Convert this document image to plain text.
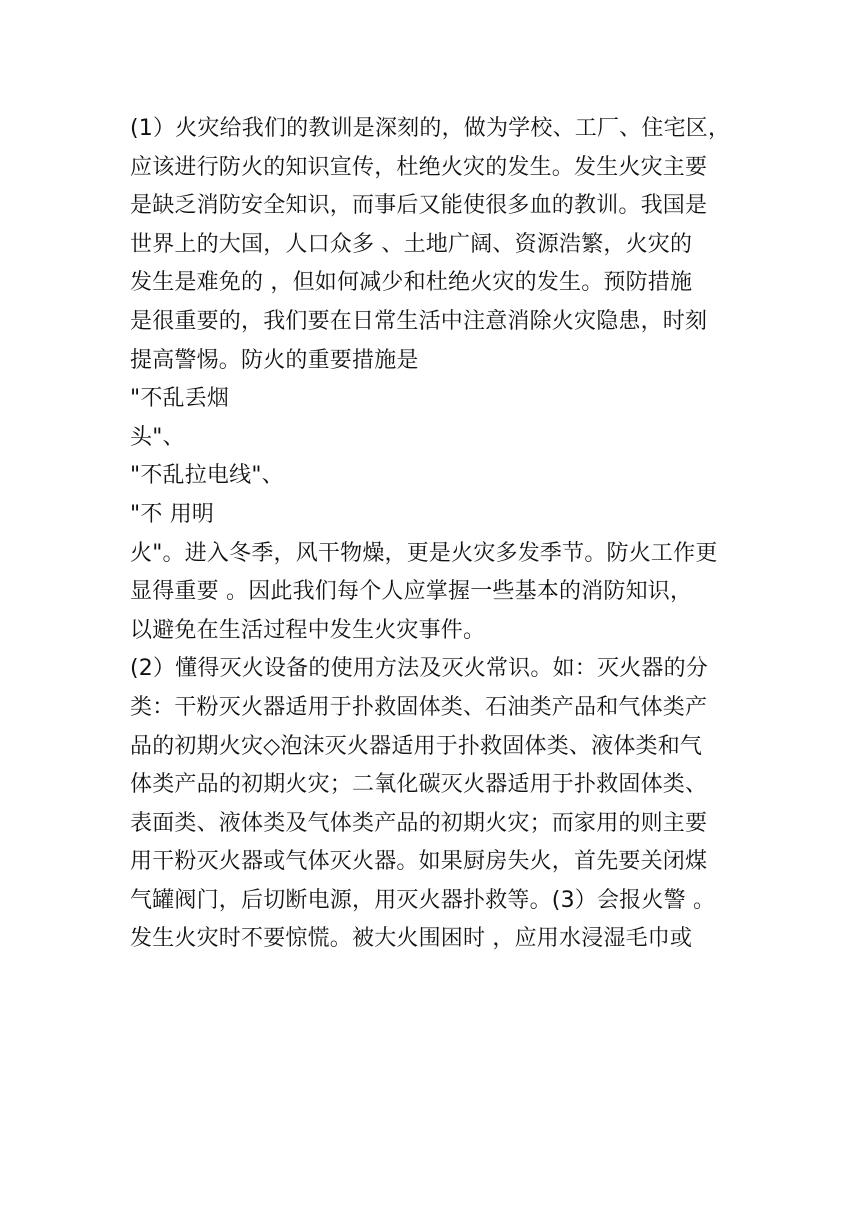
(1）火灾给我们的教训是深刻的，做为学校、工厂、住宅区，
应该进行防火的知识宣传，杜绝火灾的发生。发生火灾主要
是缺乏消防安全知识，而事后又能使很多血的教训。我国是
世界上的大国，人口众多 、土地广阔、资源浩繁，火灾的
发生是难免的 ，但如何减少和杜绝火灾的发生。预防措施
是很重要的，我们要在日常生活中注意消除火灾隐患，时刻
提高警惕。防火的重要措施是
"不乱丢烟
头"、
"不乱拉电线"、
"不 用明
火"。进入冬季，风干物燥，更是火灾多发季节。防火工作更
显得重要 。因此我们每个人应掌握一些基本的消防知识，
以避免在生活过程中发生火灾事件。
(2）懂得灭火设备的使用方法及灭火常识。如：灭火器的分
类：干粉灭火器适用于扑救固体类、石油类产品和气体类产
品的初期火灾◇泡沫灭火器适用于扑救固体类、液体类和气
体类产品的初期火灾；二氧化碳灭火器适用于扑救固体类、
表面类、液体类及气体类产品的初期火灾；而家用的则主要
用干粉灭火器或气体灭火器。如果厨房失火，首先要关闭煤
气罐阀门，后切断电源，用灭火器扑救等。(3）会报火警 。
发生火灾时不要惊慌。被大火围困时 ，应用水浸湿毛巾或
